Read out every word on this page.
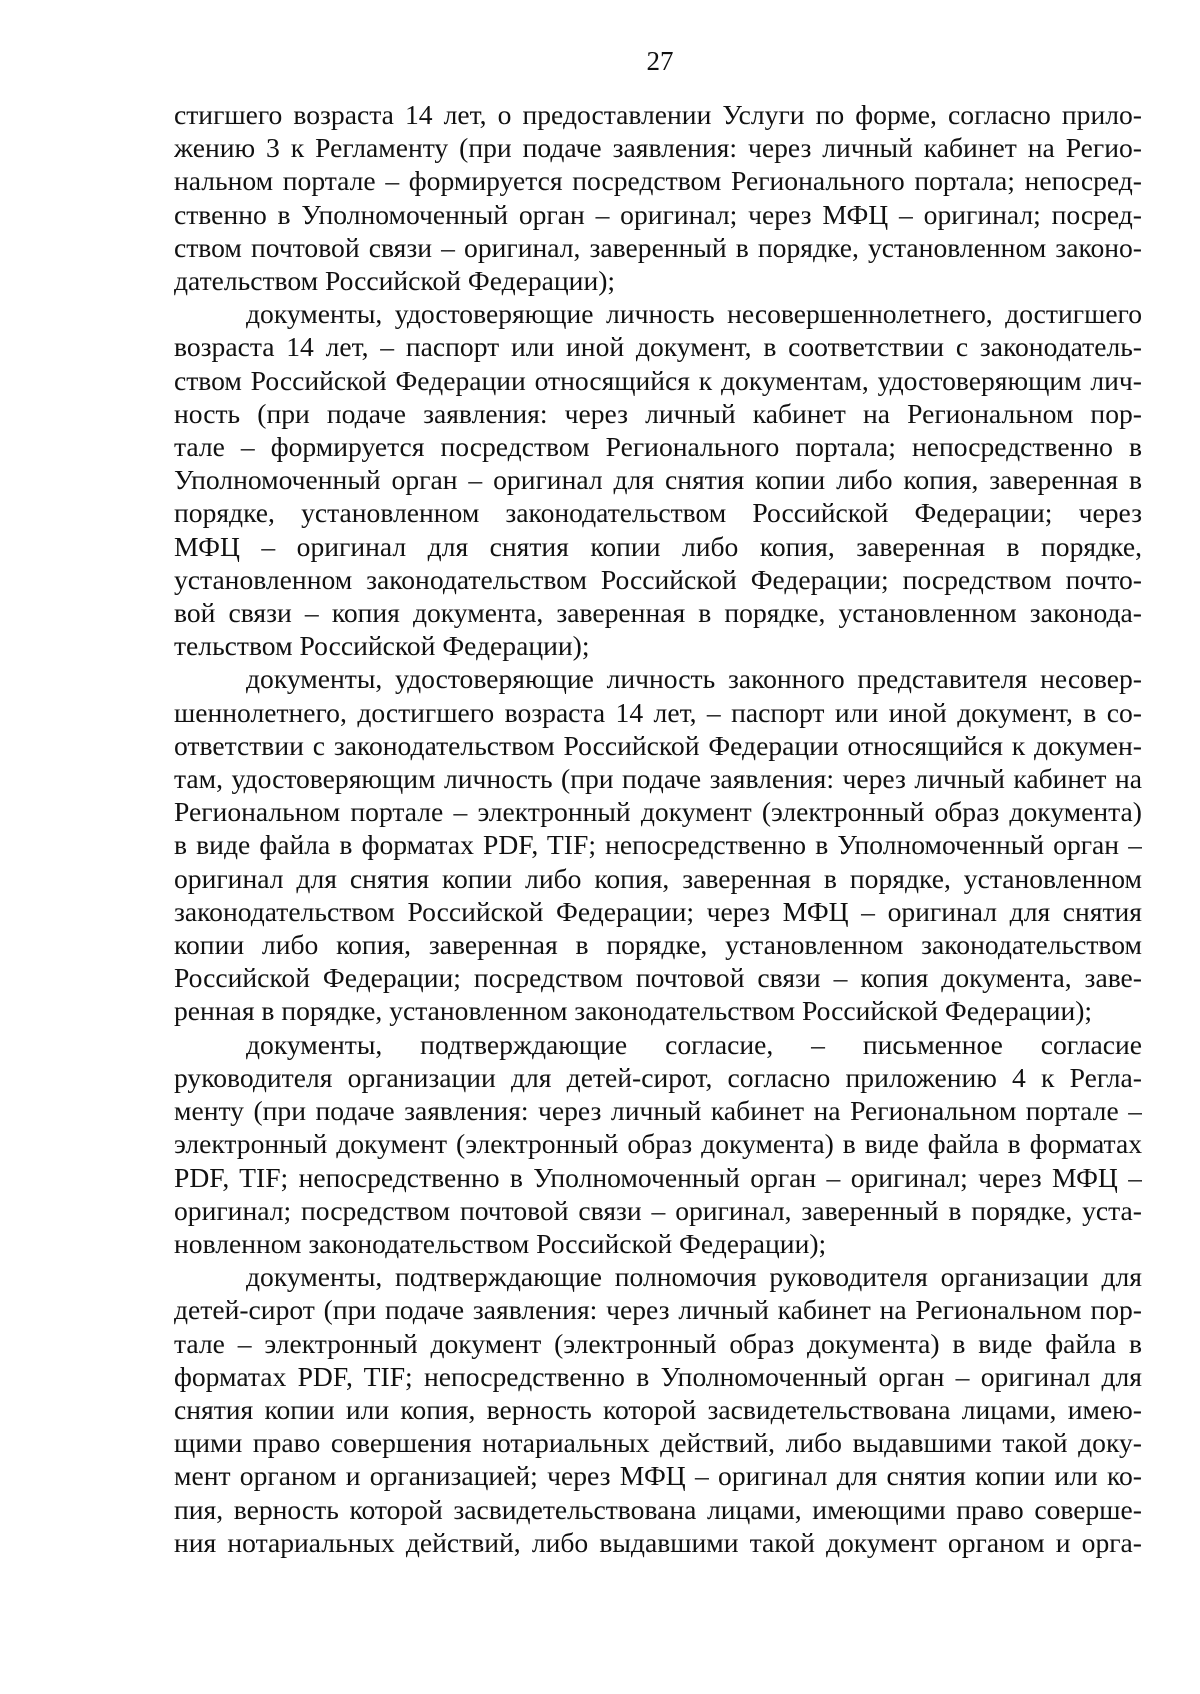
27
стигшего возраста 14 лет, о предоставлении Услуги по форме, согласно прило-
жению 3 к Регламенту (при подаче заявления: через личный кабинет на Регио-
нальном портале – формируется посредством Регионального портала; непосред-
ственно в Уполномоченный орган – оригинал; через МФЦ – оригинал; посред-
ством почтовой связи – оригинал, заверенный в порядке, установленном законо-
дательством Российской Федерации);
документы, удостоверяющие личность несовершеннолетнего, достигшего
возраста 14 лет, – паспорт или иной документ, в соответствии с законодатель-
ством Российской Федерации относящийся к документам, удостоверяющим лич-
ность (при подаче заявления: через личный кабинет на Региональном пор-
тале – формируется посредством Регионального портала; непосредственно в
Уполномоченный орган – оригинал для снятия копии либо копия, заверенная в
порядке, установленном законодательством Российской Федерации; через
МФЦ – оригинал для снятия копии либо копия, заверенная в порядке,
установленном законодательством Российской Федерации; посредством почто-
вой связи – копия документа, заверенная в порядке, установленном законода-
тельством Российской Федерации);
документы, удостоверяющие личность законного представителя несовер-
шеннолетнего, достигшего возраста 14 лет, – паспорт или иной документ, в со-
ответствии с законодательством Российской Федерации относящийся к докумен-
там, удостоверяющим личность (при подаче заявления: через личный кабинет на
Региональном портале – электронный документ (электронный образ документа)
в виде файла в форматах PDF, TIF; непосредственно в Уполномоченный орган –
оригинал для снятия копии либо копия, заверенная в порядке, установленном
законодательством Российской Федерации; через МФЦ – оригинал для снятия
копии либо копия, заверенная в порядке, установленном законодательством
Российской Федерации; посредством почтовой связи – копия документа, заве-
ренная в порядке, установленном законодательством Российской Федерации);
документы, подтверждающие согласие, – письменное согласие
руководителя организации для детей-сирот, согласно приложению 4 к Регла-
менту (при подаче заявления: через личный кабинет на Региональном портале –
электронный документ (электронный образ документа) в виде файла в форматах
PDF, TIF; непосредственно в Уполномоченный орган – оригинал; через МФЦ –
оригинал; посредством почтовой связи – оригинал, заверенный в порядке, уста-
новленном законодательством Российской Федерации);
документы, подтверждающие полномочия руководителя организации для
детей-сирот (при подаче заявления: через личный кабинет на Региональном пор-
тале – электронный документ (электронный образ документа) в виде файла в
форматах PDF, TIF; непосредственно в Уполномоченный орган – оригинал для
снятия копии или копия, верность которой засвидетельствована лицами, имею-
щими право совершения нотариальных действий, либо выдавшими такой доку-
мент органом и организацией; через МФЦ – оригинал для снятия копии или ко-
пия, верность которой засвидетельствована лицами, имеющими право соверше-
ния нотариальных действий, либо выдавшими такой документ органом и орга-
